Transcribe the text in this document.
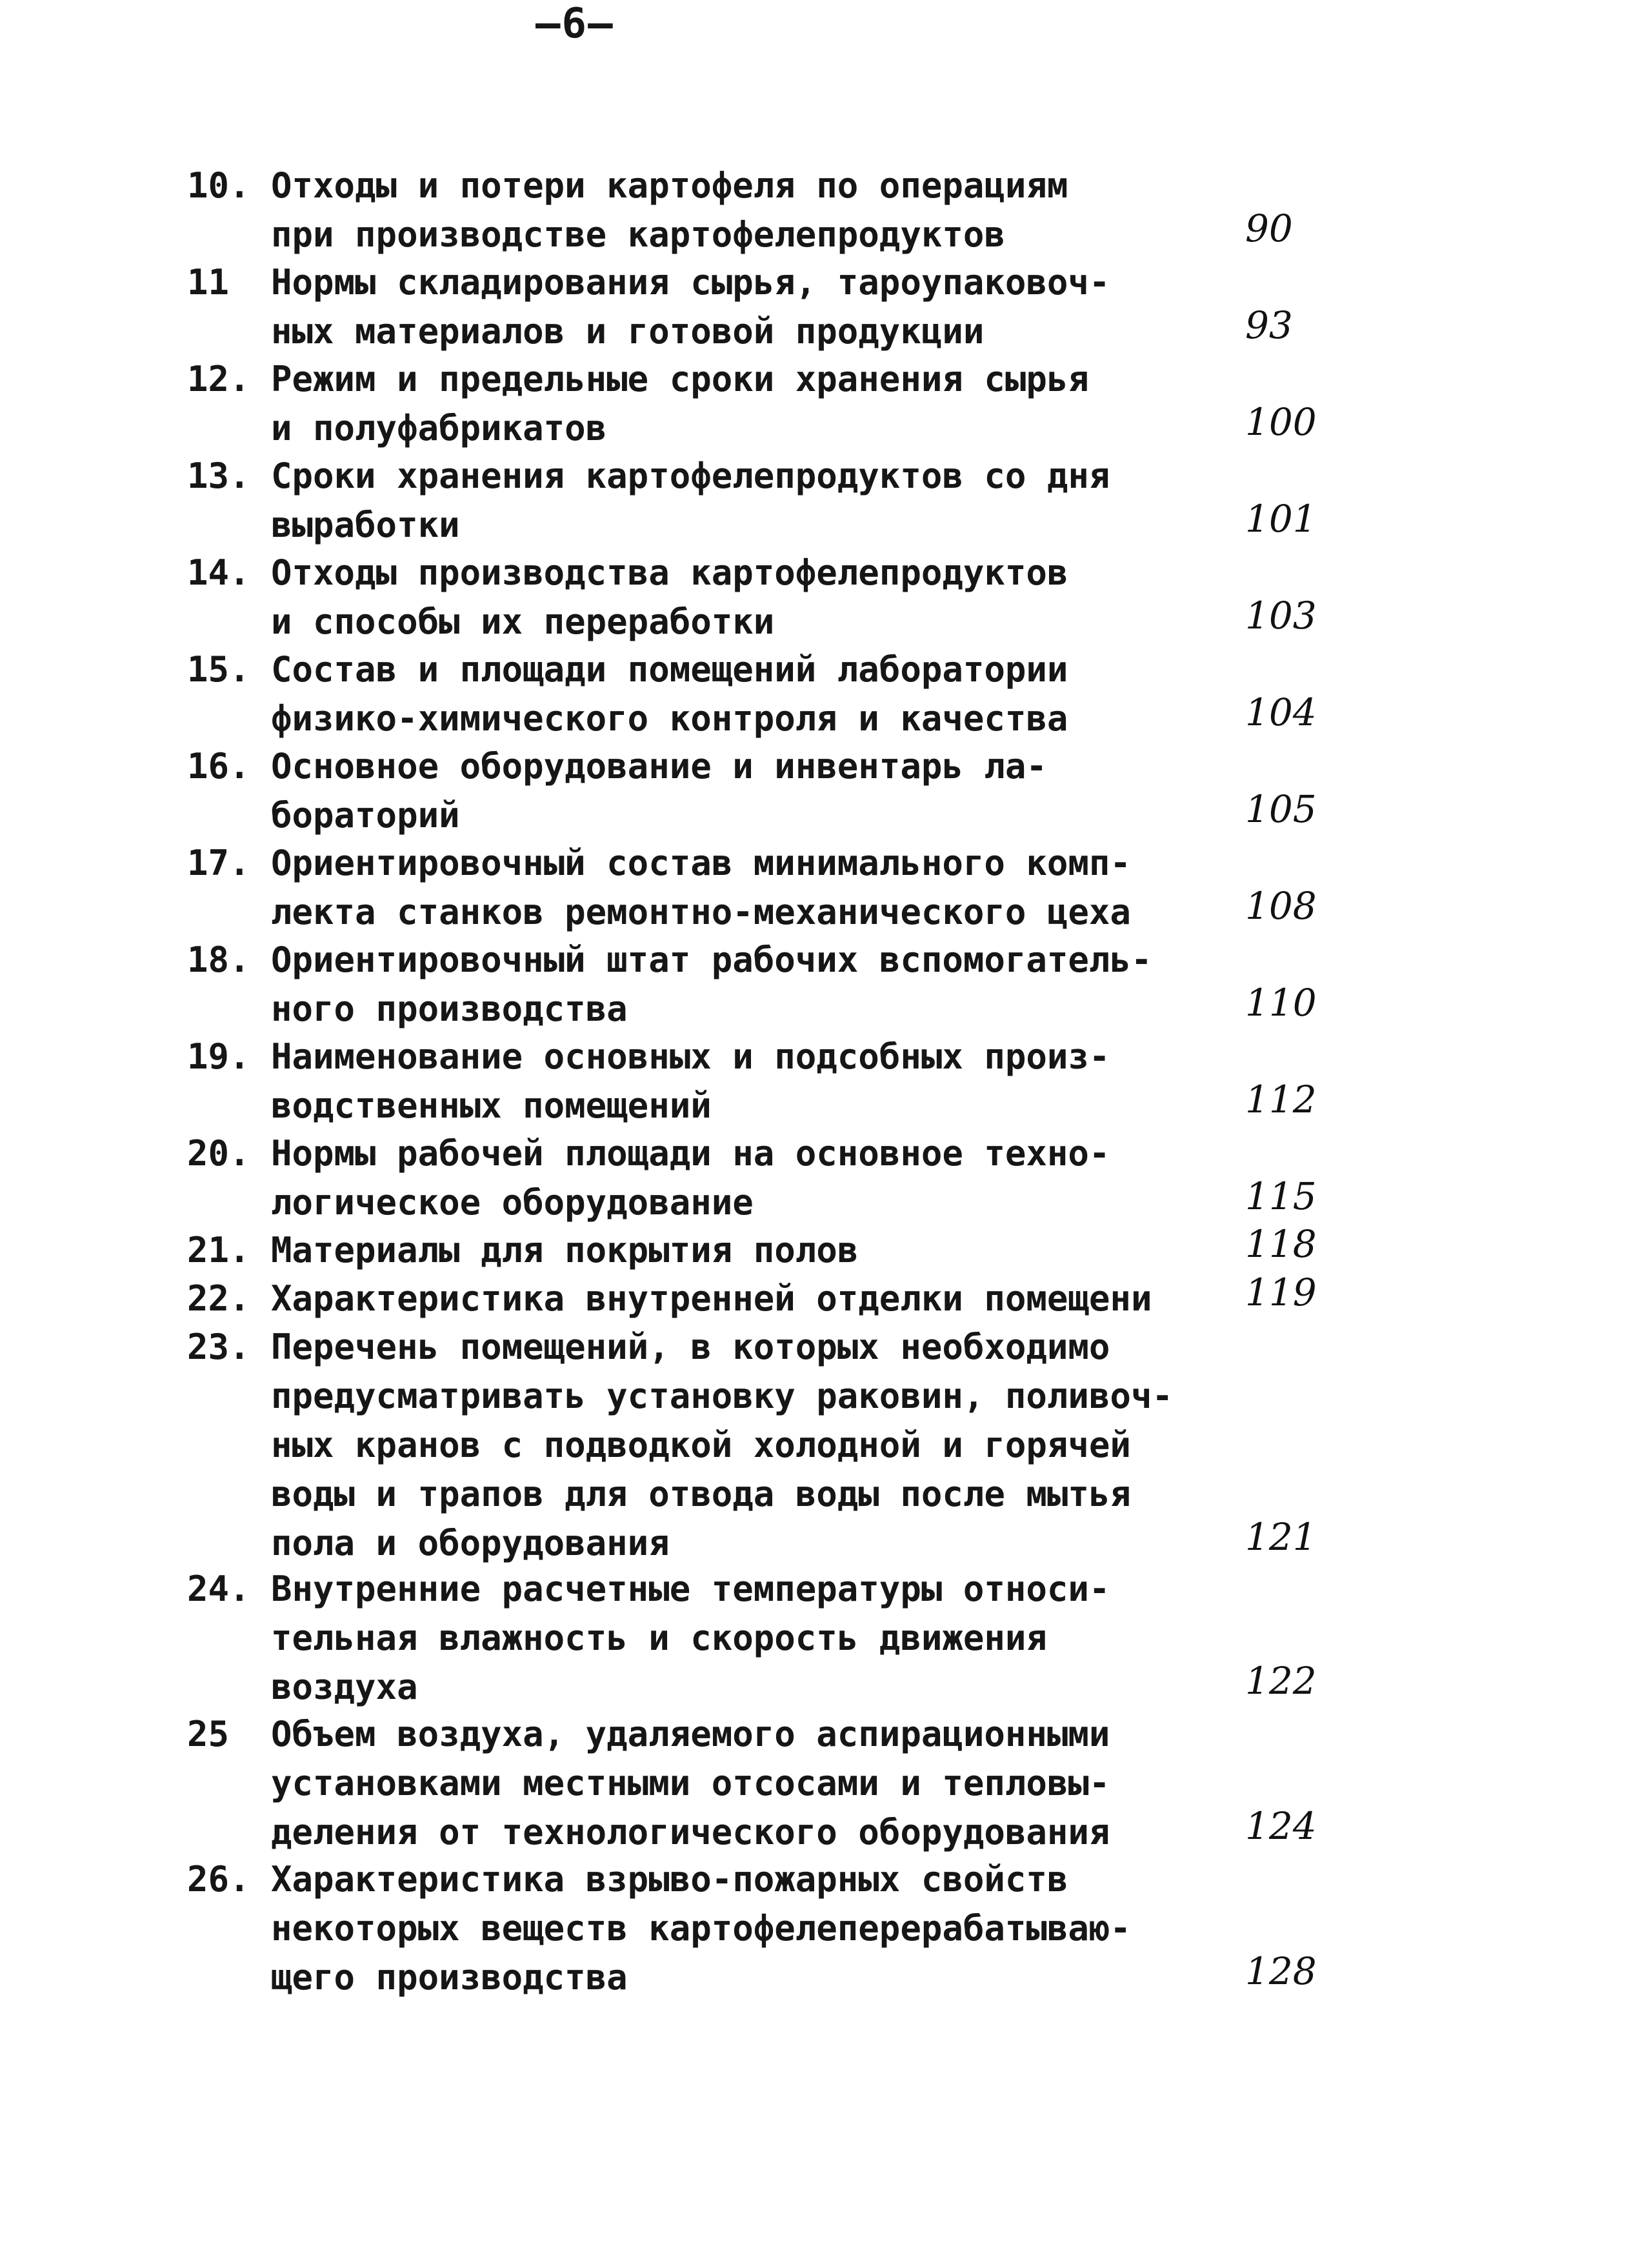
–6–
10. Отходы и потери картофеля по операциям
при производстве картофелепродуктов	90
11	Нормы складирования сырья, тароупаковоч-
ных материалов и готовой продукции	93
12. Режим и предельные сроки хранения сырья
и полуфабрикатов	100
13. Сроки хранения картофелепродуктов со дня
выработки	101
14. Отходы производства картофелепродуктов
и способы их переработки	103
15. Состав и площади помещений лаборатории
физико-химического контроля и качества	104
16. Основное оборудование и инвентарь ла-
бораторий	105
17. Ориентировочный состав минимального комп-
лекта станков ремонтно-механического цеха	108
18. Ориентировочный штат рабочих вспомогатель-
ного производства	110
19. Наименование основных и подсобных произ-
водственных помещений	112
20. Нормы рабочей площади на основное техно-
логическое оборудование	115
21. Материалы для покрытия полов	118
22. Характеристика внутренней отделки помещени	119
23. Перечень помещений, в которых необходимо
предусматривать установку раковин, поливоч-
ных кранов с подводкой холодной и горячей
воды и трапов для отвода воды после мытья
пола и оборудования	121
24. Внутренние расчетные температуры относи-
тельная влажность и скорость движения
воздуха	122
25	Объем воздуха, удаляемого аспирационными
установками местными отсосами и тепловы-
деления от технологического оборудования	124
26. Характеристика взрыво-пожарных свойств
некоторых веществ картофелеперерабатываю-
щего производства	128
